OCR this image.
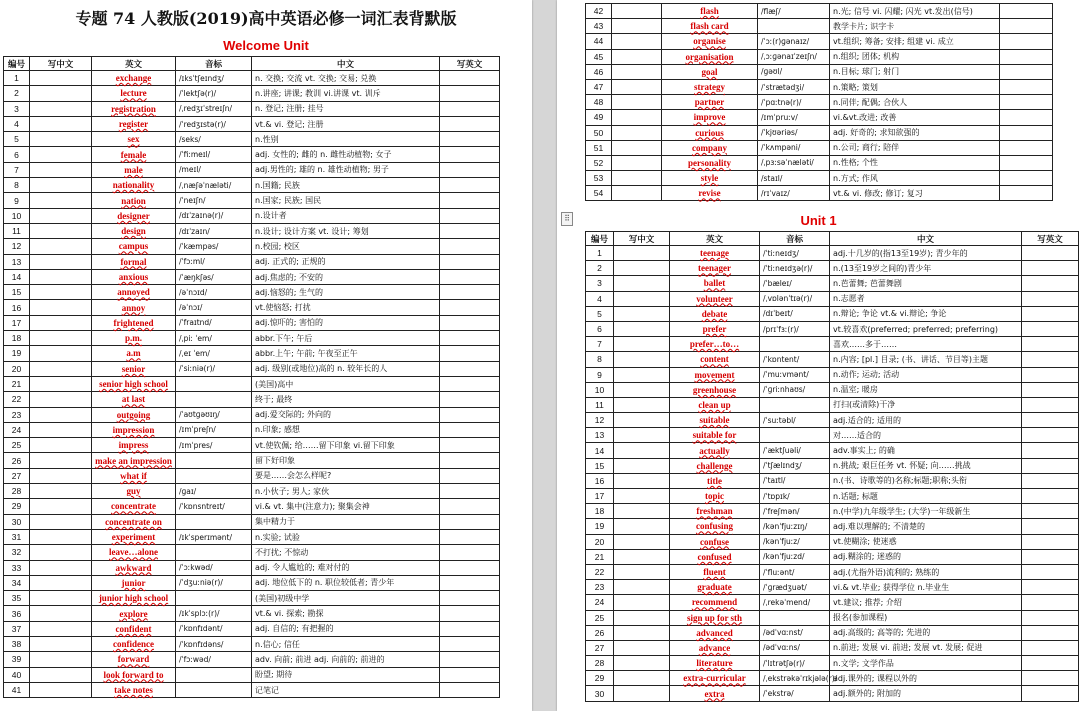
专题 74 人教版(2019)高中英语必修一词汇表背默版
Welcome Unit
编号	写中文	英文	音标	中文	写英文
1		exchange	/ɪksˈtʃeɪndʒ/	n. 交换; 交流 vt. 交换; 交易; 兑换	
2		lecture	/ˈlektʃə(r)/	n.讲座; 讲课; 教训 vi.讲课 vt. 训斥	
3		registration	/ˌredʒɪˈstreɪʃn/	n. 登记; 注册; 挂号	
4		register	/ˈredʒɪstə(r)/	vt.& vi. 登记; 注册	
5		sex	/seks/	n.性别	
6		female	/ˈfiːmeɪl/	adj. 女性的; 雌的 n. 雌性动植物; 女子	
7		male	/meɪl/	adj.男性的; 雄的 n. 雄性动植物; 男子	
8		nationality	/ˌnæʃəˈnæləti/	n.国籍; 民族	
9		nation	/ˈneɪʃn/	n.国家; 民族; 国民	
10		designer	/dɪˈzaɪnə(r)/	n.设计者	
11		design	/dɪˈzaɪn/	n.设计; 设计方案 vt. 设计; 筹划	
12		campus	/ˈkæmpəs/	n.校园; 校区	
13		formal	/ˈfɔːml/	adj. 正式的; 正规的	
14		anxious	/ˈæŋkʃəs/	adj.焦虑的; 不安的	
15		annoyed	/əˈnɔɪd/	adj.恼怒的; 生气的	
16		annoy	/əˈnɔɪ/	vt.使恼怒; 打扰	
17		frightened	/ˈfraɪtnd/	adj.惊吓的; 害怕的	
18		p.m.	/ˌpiː ˈem/	abbr.下午; 午后	
19		a.m	/ˌeɪ ˈem/	abbr.上午; 午前; 午夜至正午	
20		senior	/ˈsiːniə(r)/	adj. 级别(或地位)高的 n. 较年长的人	
21		senior high school		(美国)高中	
22		at last		终于; 最终	
23		outgoing	/ˈaʊtɡəʊɪŋ/	adj.爱交际的; 外向的	
24		impression	/ɪmˈpreʃn/	n.印象; 感想	
25		impress	/ɪmˈpres/	vt.使钦佩; 给……留下印象 vi.留下印象	
26		make an impression		留下好印象	
27		what if		要是……会怎么样呢?	
28		guy	/ɡaɪ/	n.小伙子; 男人; 家伙	
29		concentrate	/ˈkɒnsntreɪt/	vi.& vt. 集中(注意力); 聚集会神	
30		concentrate on		集中精力于	
31		experiment	/ɪkˈsperɪmənt/	n.实验; 试验	
32		leave…alone		不打扰; 不惊动	
33		awkward	/ˈɔːkwəd/	adj. 令人尴尬的; 难对付的	
34		junior	/ˈdʒuːniə(r)/	adj. 地位低下的 n. 职位较低者; 青少年	
35		junior high school		(美国)初级中学	
36		explore	/ɪkˈsplɔː(r)/	vt.& vi. 探索; 勘探	
37		confident	/ˈkɒnfɪdənt/	adj. 自信的; 有把握的	
38		confidence	/ˈkɒnfɪdəns/	n.信心; 信任	
39		forward	/ˈfɔːwəd/	adv. 向前; 前进 adj. 向前的; 前进的	
40		look forward to		盼望; 期待	
41		take notes		记笔记	
42		flash	/flæʃ/	n.光; 信号 vi. 闪耀; 闪光 vt.发出(信号)	
43		flash card		教学卡片; 识字卡	
44		organise	/ˈɔː(r)ɡənaɪz/	vt.组织; 筹备; 安排; 组建 vi. 成立	
45		organisation	/ˌɔːɡənaɪˈzeɪʃn/	n.组织; 团体; 机构	
46		goal	/ɡəʊl/	n.目标; 球门; 射门	
47		strategy	/ˈstrætədʒi/	n.策略; 策划	
48		partner	/ˈpɑːtnə(r)/	n.同伴; 配偶; 合伙人	
49		improve	/ɪmˈpruːv/	vi.&vt.改进; 改善	
50		curious	/ˈkjʊəriəs/	adj. 好奇的; 求知欲强的	
51		company	/ˈkʌmpəni/	n.公司; 商行; 陪伴	
52		personality	/ˌpɜːsəˈnæləti/	n.性格; 个性	
53		style	/staɪl/	n.方式; 作风	
54		revise	/rɪˈvaɪz/	vt.& vi. 修改; 修订; 复习	
Unit 1
编号	写中文	英文	音标	中文	写英文
1		teenage	/ˈtiːneɪdʒ/	adj.十几岁的(指13至19岁); 青少年的	
2		teenager	/ˈtiːneɪdʒə(r)/	n.(13至19岁之间的)青少年	
3		ballet	/ˈbæleɪ/	n.芭蕾舞; 芭蕾舞剧	
4		volunteer	/ˌvɒlənˈtɪə(r)/	n.志愿者	
5		debate	/dɪˈbeɪt/	n.辩论; 争论 vt.& vi.辩论; 争论	
6		prefer	/prɪˈfɜː(r)/	vt.较喜欢(preferred; preferred; preferring)	
7		prefer…to…		喜欢……多于……	
8		content	/ˈkɒntent/	n.内容; [pl.] 目录; (书、讲话、节目等)主题	
9		movement	/ˈmuːvmənt/	n.动作; 运动; 活动	
10		greenhouse	/ˈɡriːnhaʊs/	n.温室; 暖房	
11		clean up		打扫(或清除)干净	
12		suitable	/ˈsuːtəbl/	adj.适合的; 适用的	
13		suitable for		对……适合的	
14		actually	/ˈæktʃuəli/	adv.事实上; 的确	
15		challenge	/ˈtʃælɪndʒ/	n.挑战; 艰巨任务 vt. 怀疑; 向……挑战	
16		title	/ˈtaɪtl/	n.(书、诗歌等的)名称;标题;职称;头衔	
17		topic	/ˈtɒpɪk/	n.话题; 标题	
18		freshman	/ˈfreʃmən/	n.(中学)九年级学生; (大学)一年级新生	
19		confusing	/kənˈfjuːzɪŋ/	adj.难以理解的; 不清楚的	
20		confuse	/kənˈfjuːz/	vt.使糊涂; 使迷惑	
21		confused	/kənˈfjuːzd/	adj.糊涂的; 迷惑的	
22		fluent	/ˈfluːənt/	adj.(尤指外语)流利的; 熟练的	
23		graduate	/ˈɡrædʒuət/	vi.& vt.毕业; 获得学位 n.毕业生	
24		recommend	/ˌrekəˈmend/	vt.建议; 推荐; 介绍	
25		sign up for sth		报名(参加课程)	
26		advanced	/ədˈvɑːnst/	adj.高级的; 高等的; 先进的	
27		advance	/ədˈvɑːns/	n.前进; 发展 vi. 前进; 发展 vt. 发展; 促进	
28		literature	/ˈlɪtrətʃə(r)/	n.文学; 文学作品	
29		extra-curricular	/ˌekstrəkəˈrɪkjələ(r)/	adj.课外的; 课程以外的	
30		extra	/ˈekstrə/	adj.额外的; 附加的	
⠿
